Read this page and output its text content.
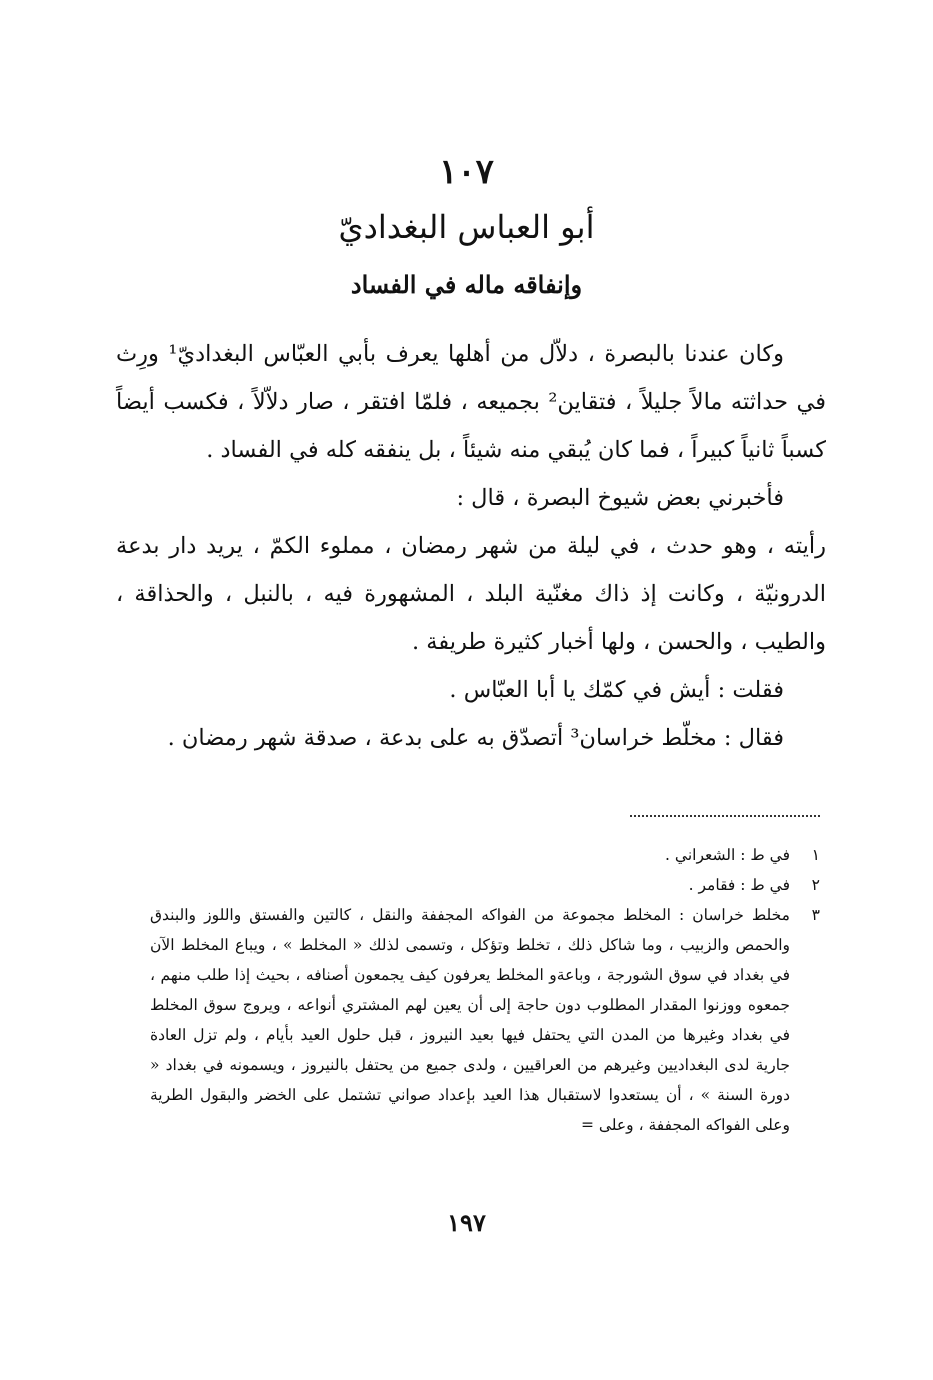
١٠٧
أبو العباس البغداديّ
وإنفاقه ماله في الفساد

وكان عندنا بالبصرة ، دلاّل من أهلها يعرف بأبي العبّاس البغداديّ¹ ورِث في حداثته مالاً جليلاً ، فتقاين² بجميعه ، فلمّا افتقر ، صار دلاّلاً ، فكسب أيضاً كسباً ثانياً كبيراً ، فما كان يُبقي منه شيئاً ، بل ينفقه كله في الفساد .

فأخبرني بعض شيوخ البصرة ، قال :

رأيته ، وهو حدث ، في ليلة من شهر رمضان ، مملوء الكمّ ، يريد دار بدعة الدرونيّة ، وكانت إذ ذاك مغنّية البلد ، المشهورة فيه ، بالنبل ، والحذاقة ، والطيب ، والحسن ، ولها أخبار كثيرة طريفة .

فقلت : أيش في كمّك يا أبا العبّاس .

فقال : مخلّط خراسان³ أتصدّق به على بدعة ، صدقة شهر رمضان .

١
في ط : الشعراني .
٢
في ط : فقامر .
٣
مخلط خراسان : المخلط مجموعة من الفواكه المجففة والنقل ، كالتين والفستق واللوز والبندق والحمص والزبيب ، وما شاكل ذلك ، تخلط وتؤكل ، وتسمى لذلك « المخلط » ، ويباع المخلط الآن في بغداد في سوق الشورجة ، وباعةو المخلط يعرفون كيف يجمعون أصنافه ، بحيث إذا طلب منهم ، جمعوه ووزنوا المقدار المطلوب دون حاجة إلى أن يعين لهم المشتري أنواعه ، ويروج سوق المخلط في بغداد وغيرها من المدن التي يحتفل فيها بعيد النيروز ، قبل حلول العيد بأيام ، ولم تزل العادة جارية لدى البغداديين وغيرهم من العراقيين ، ولدى جميع من يحتفل بالنيروز ، ويسمونه في بغداد « دورة السنة » ، أن يستعدوا لاستقبال هذا العيد بإعداد صواني تشتمل على الخضر والبقول الطرية وعلى الفواكه المجففة ، وعلى =
١٩٧
